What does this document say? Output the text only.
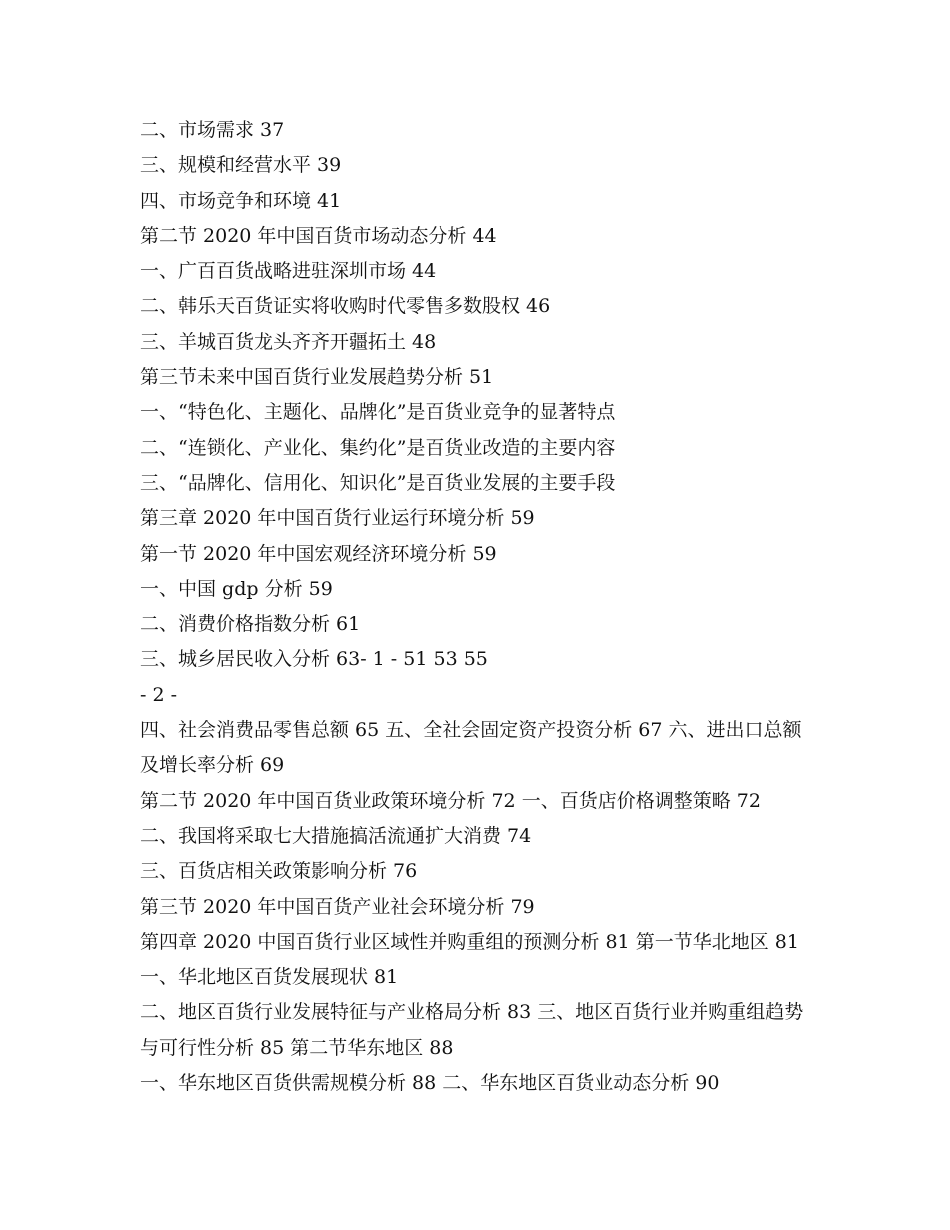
二、市场需求 37
三、规模和经营水平 39
四、市场竞争和环境 41
第二节 2020 年中国百货市场动态分析 44
一、广百百货战略进驻深圳市场 44
二、韩乐天百货证实将收购时代零售多数股权 46
三、羊城百货龙头齐齐开疆拓土 48
第三节未来中国百货行业发展趋势分析 51
一、“特色化、主题化、品牌化”是百货业竞争的显著特点
二、“连锁化、产业化、集约化”是百货业改造的主要内容
三、“品牌化、信用化、知识化”是百货业发展的主要手段
第三章 2020 年中国百货行业运行环境分析 59
第一节 2020 年中国宏观经济环境分析 59
一、中国 gdp 分析 59
二、消费价格指数分析 61
三、城乡居民收入分析 63- 1 - 51 53 55
- 2 -
四、社会消费品零售总额 65 五、全社会固定资产投资分析 67 六、进出口总额及增长率分析 69
第二节 2020 年中国百货业政策环境分析 72 一、百货店价格调整策略 72
二、我国将采取七大措施搞活流通扩大消费 74
三、百货店相关政策影响分析 76
第三节 2020 年中国百货产业社会环境分析 79
第四章 2020 中国百货行业区域性并购重组的预测分析 81 第一节华北地区 81 一、华北地区百货发展现状 81
二、地区百货行业发展特征与产业格局分析 83 三、地区百货行业并购重组趋势与可行性分析 85 第二节华东地区 88
一、华东地区百货供需规模分析 88 二、华东地区百货业动态分析 90
